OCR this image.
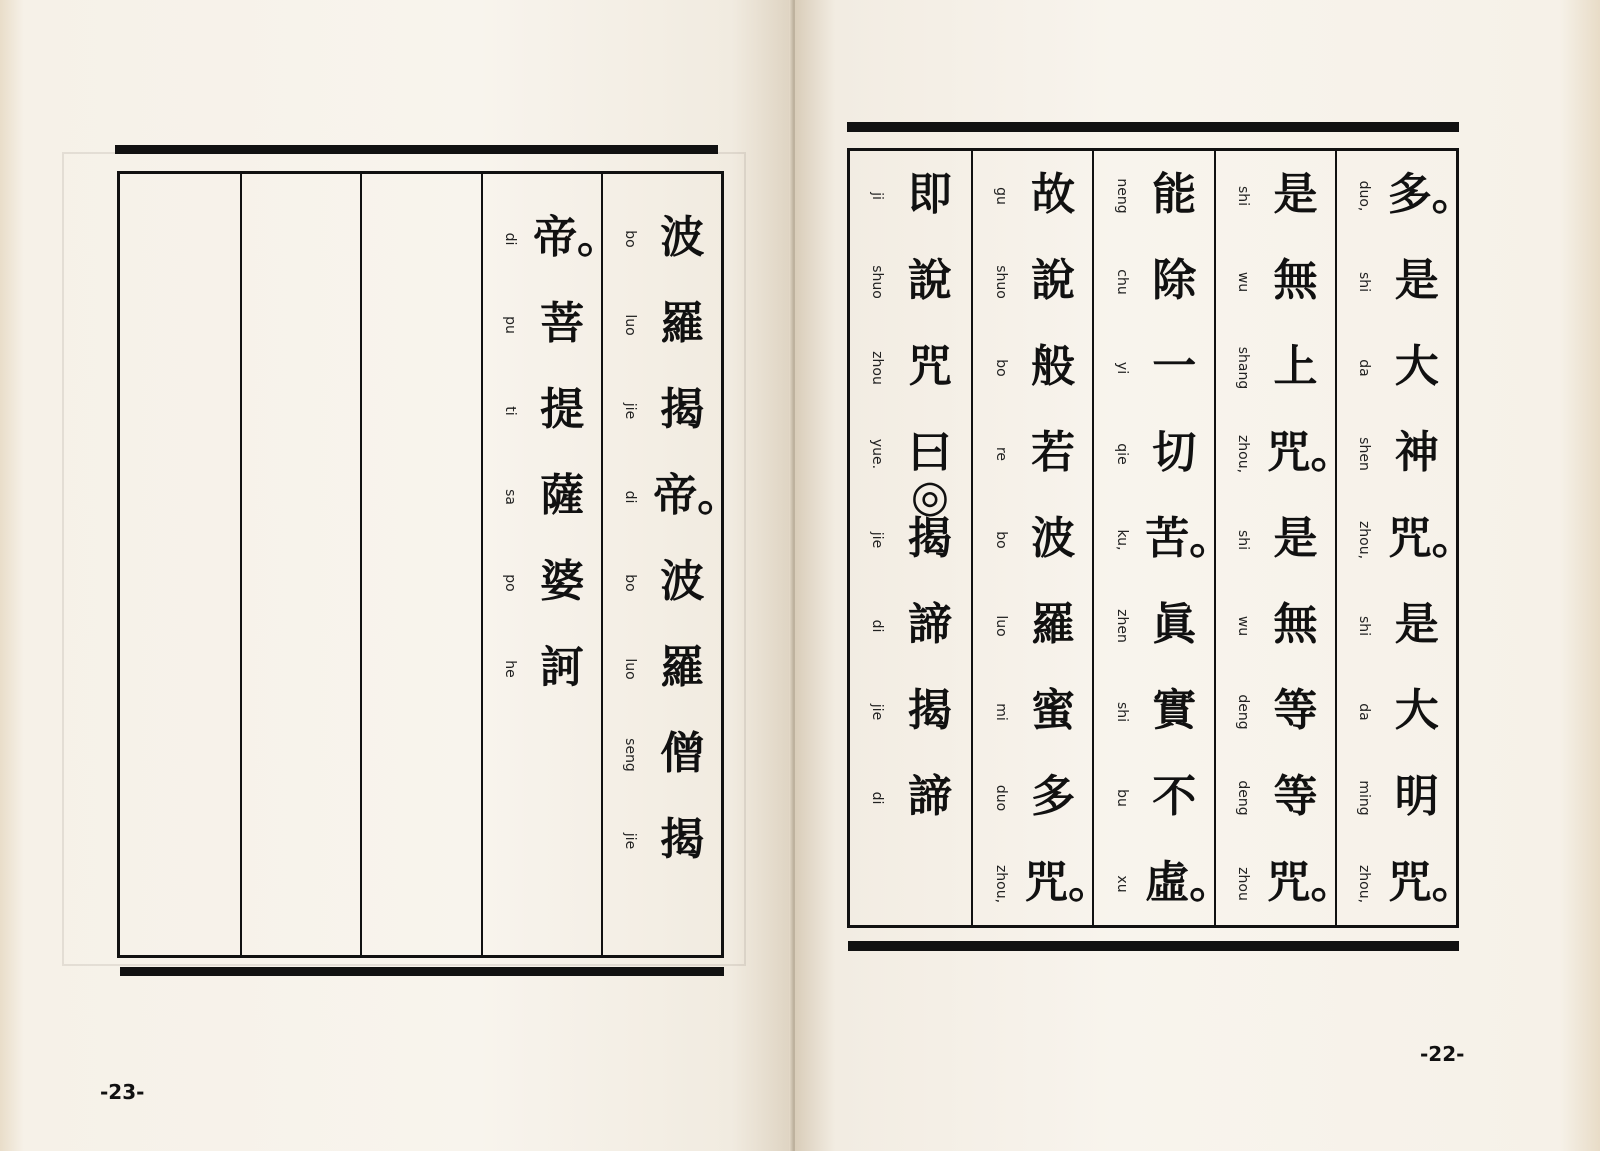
波
羅
揭
帝。
波
羅
僧
揭
bo
luo
jie
di
bo
luo
seng
jie
帝。
菩
提
薩
婆
訶
di
pu
ti
sa
po
he
-23-
多。
是
大
神
咒。
是
大
明
咒。
duo,
shi
da
shen
zhou,
shi
da
ming
zhou,
是
無
上
咒。
是
無
等
等
咒。
shi
wu
shang
zhou,
shi
wu
deng
deng
zhou
能
除
一
切
苦。
眞
實
不
虛。
neng
chu
yi
qie
ku,
zhen
shi
bu
xu
故
說
般
若
波
羅
蜜
多
咒。
gu
shuo
bo
re
bo
luo
mi
duo
zhou,
即
說
咒
曰◎
揭
諦
揭
諦
ji
shuo
zhou
yue.
jie
di
jie
di
-22-
